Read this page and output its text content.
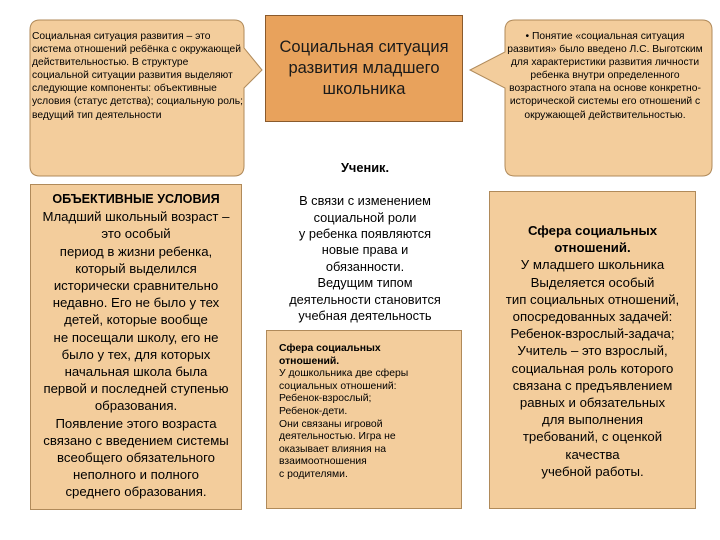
Социальная ситуация развития – это система отношений ребёнка с окружающей действительностью. В структуре социальной ситуации развития выделяют следующие компоненты: объективные условия (статус детства); социальную роль; ведущий тип деятельности
Социальная ситуация развития младшего школьника
• Понятие «социальная ситуация развития» было введено Л.С. Выготским для характеристики развития личности ребенка внутри определенного возрастного этапа на основе конкретно-исторической системы его отношений с окружающей действительностью.
ОБЪЕКТИВНЫЕ УСЛОВИЯ
Младший школьный возраст –
это особый
период в жизни ребенка,
который выделился
исторически сравнительно
недавно. Его не было у тех
детей, которые вообще
не посещали школу, его не
было у тех, для которых
начальная школа была
первой и последней ступенью
образования.
Появление этого возраста
связано с введением системы
всеобщего обязательного
неполного и полного
среднего образования.

Ученик.

В связи с изменением
социальной роли
у ребенка появляются
новые права и
обязанности.
Ведущим типом
деятельности становится
учебная деятельность

Сфера социальных
отношений.
У дошкольника две сферы
социальных отношений:
Ребенок-взрослый;
Ребенок-дети.
Они связаны игровой
деятельностью. Игра не
оказывает влияния на
взаимоотношения
с родителями.
Сфера социальных
отношений.
У младшего школьника
Выделяется особый
тип социальных отношений,
опосредованных задачей:
Ребенок-взрослый-задача;
Учитель – это взрослый,
социальная роль которого
связана с предъявлением
равных и обязательных
для выполнения
требований, с оценкой
качества
учебной работы.
